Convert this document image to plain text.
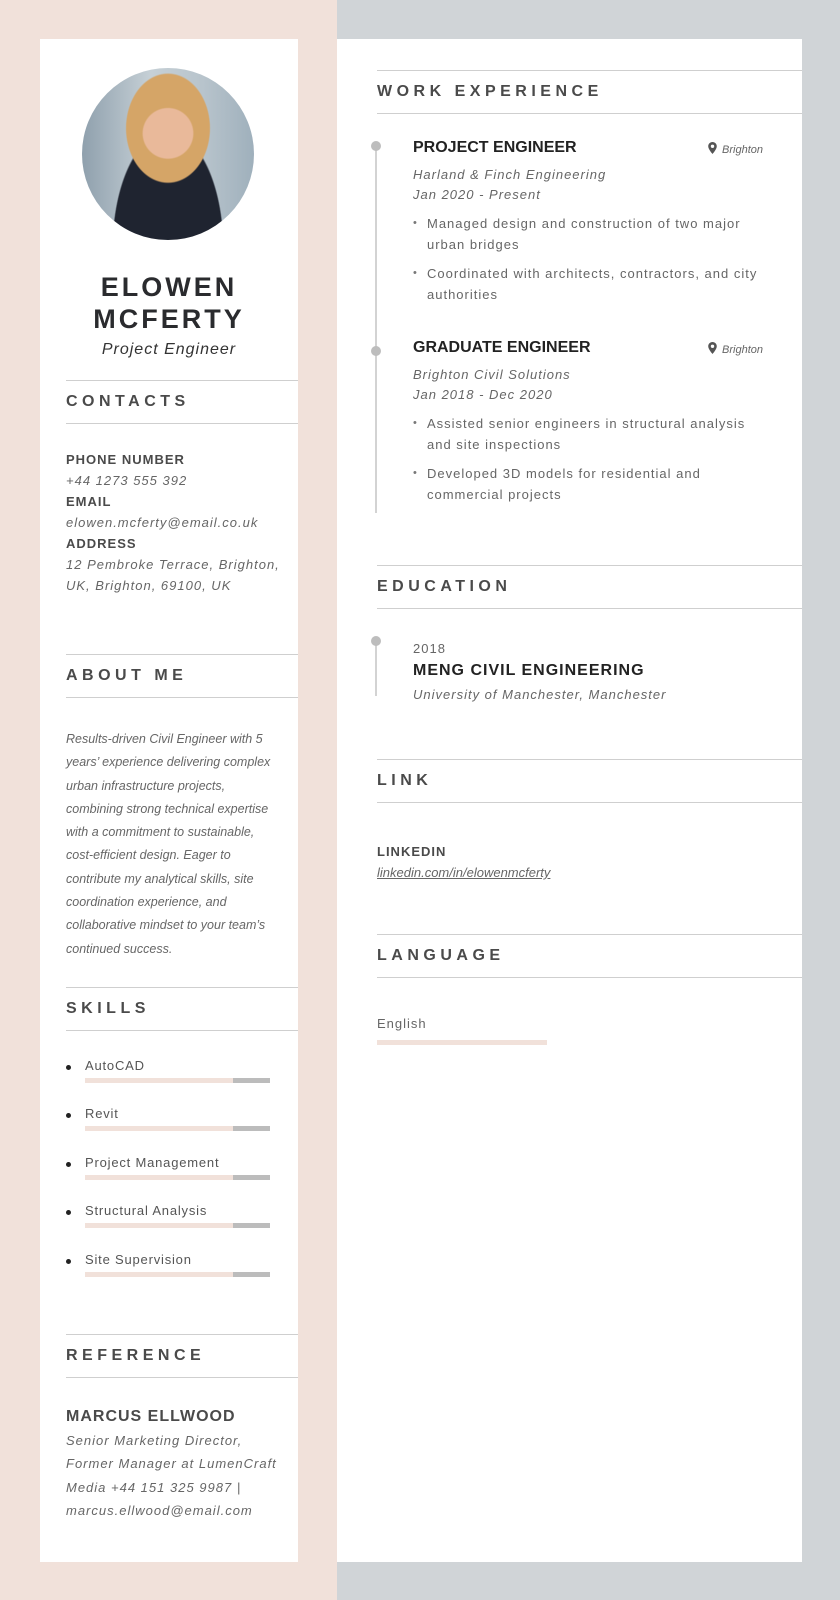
ELOWEN MCFERTY
Project Engineer
CONTACTS
PHONE NUMBER
+44 1273 555 392
EMAIL
elowen.mcferty@email.co.uk
ADDRESS
12 Pembroke Terrace, Brighton, UK, Brighton, 69100, UK
ABOUT ME
Results-driven Civil Engineer with 5 years’ experience delivering complex urban infrastructure projects, combining strong technical expertise with a commitment to sustainable, cost-efficient design. Eager to contribute my analytical skills, site coordination experience, and collaborative mindset to your team’s continued success.
SKILLS
AutoCAD
Revit
Project Management
Structural Analysis
Site Supervision
REFERENCE
MARCUS ELLWOOD
Senior Marketing Director, Former Manager at LumenCraft Media +44 151 325 9987 | marcus.ellwood@email.com
WORK EXPERIENCE
PROJECT ENGINEER	Brighton
Harland & Finch Engineering
Jan 2020 - Present
• Managed design and construction of two major urban bridges
• Coordinated with architects, contractors, and city authorities
GRADUATE ENGINEER	Brighton
Brighton Civil Solutions
Jan 2018 - Dec 2020
• Assisted senior engineers in structural analysis and site inspections
• Developed 3D models for residential and commercial projects
EDUCATION
2018
MENG CIVIL ENGINEERING
University of Manchester, Manchester
LINK
LINKEDIN
linkedin.com/in/elowenmcferty
LANGUAGE
English
